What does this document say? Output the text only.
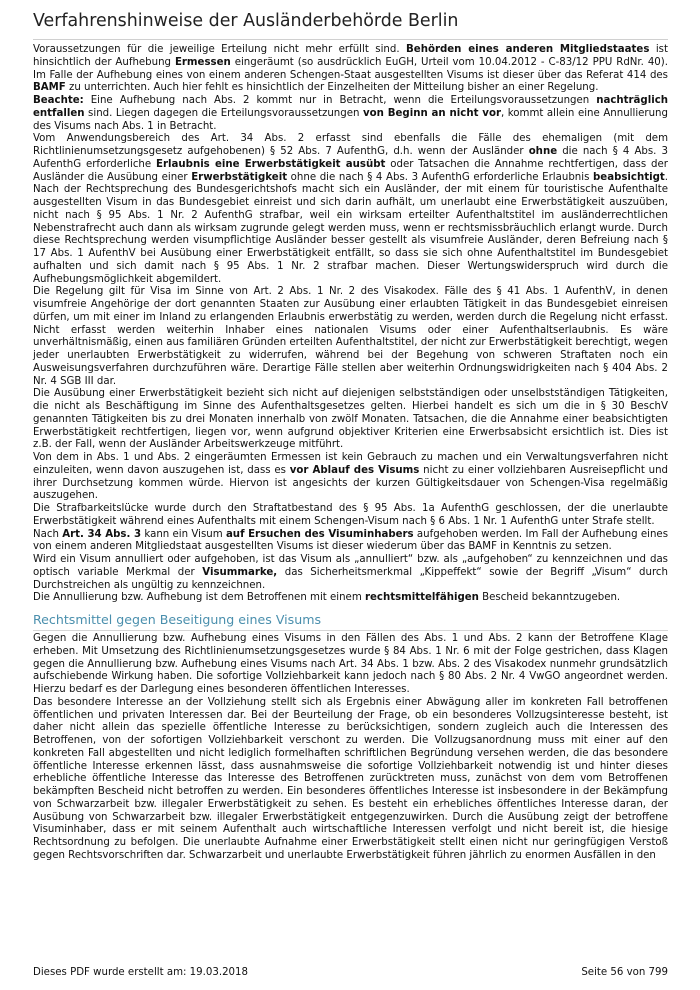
Verfahrenshinweise der Ausländerbehörde Berlin

Voraussetzungen für die jeweilige Erteilung nicht mehr erfüllt sind. Behörden eines anderen Mitgliedstaates ist hinsichtlich der Aufhebung Ermessen eingeräumt (so ausdrücklich EuGH, Urteil vom 10.04.2012 - C-83/12 PPU RdNr. 40). Im Falle der Aufhebung eines von einem anderen Schengen-Staat ausgestellten Visums ist dieser über das Referat 414 des BAMF zu unterrichten. Auch hier fehlt es hinsichtlich der Einzelheiten der Mitteilung bisher an einer Regelung.

Beachte: Eine Aufhebung nach Abs. 2 kommt nur in Betracht, wenn die Erteilungsvoraussetzungen nachträglich entfallen sind. Liegen dagegen die Erteilungsvoraussetzungen von Beginn an nicht vor, kommt allein eine Annullierung des Visums nach Abs. 1 in Betracht.

Vom Anwendungsbereich des Art. 34 Abs. 2 erfasst sind ebenfalls die Fälle des ehemaligen (mit dem Richtlinienumsetzungsgesetz aufgehobenen) § 52 Abs. 7 AufenthG, d.h. wenn der Ausländer ohne die nach § 4 Abs. 3 AufenthG erforderliche Erlaubnis eine Erwerbstätigkeit ausübt oder Tatsachen die Annahme rechtfertigen, dass der Ausländer die Ausübung einer Erwerbstätigkeit ohne die nach § 4 Abs. 3 AufenthG erforderliche Erlaubnis beabsichtigt. Nach der Rechtsprechung des Bundesgerichtshofs macht sich ein Ausländer, der mit einem für touristische Aufenthalte ausgestellten Visum in das Bundesgebiet einreist und sich darin aufhält, um unerlaubt eine Erwerbstätigkeit auszuüben, nicht nach § 95 Abs. 1 Nr. 2 AufenthG strafbar, weil ein wirksam erteilter Aufenthaltstitel im ausländerrechtlichen Nebenstrafrecht auch dann als wirksam zugrunde gelegt werden muss, wenn er rechtsmissbräuchlich erlangt wurde. Durch diese Rechtsprechung werden visumpflichtige Ausländer besser gestellt als visumfreie Ausländer, deren Befreiung nach § 17 Abs. 1 AufenthV bei Ausübung einer Erwerbstätigkeit entfällt, so dass sie sich ohne Aufenthaltstitel im Bundesgebiet aufhalten und sich damit nach § 95 Abs. 1 Nr. 2 strafbar machen. Dieser Wertungswiderspruch wird durch die Aufhebungsmöglichkeit abgemildert.

Die Regelung gilt für Visa im Sinne von Art. 2 Abs. 1 Nr. 2 des Visakodex. Fälle des § 41 Abs. 1 AufenthV, in denen visumfreie Angehörige der dort genannten Staaten zur Ausübung einer erlaubten Tätigkeit in das Bundesgebiet einreisen dürfen, um mit einer im Inland zu erlangenden Erlaubnis erwerbstätig zu werden, werden durch die Regelung nicht erfasst. Nicht erfasst werden weiterhin Inhaber eines nationalen Visums oder einer Aufenthaltserlaubnis. Es wäre unverhältnismäßig, einen aus familiären Gründen erteilten Aufenthaltstitel, der nicht zur Erwerbstätigkeit berechtigt, wegen jeder unerlaubten Erwerbstätigkeit zu widerrufen, während bei der Begehung von schweren Straftaten noch ein Ausweisungsverfahren durchzuführen wäre. Derartige Fälle stellen aber weiterhin Ordnungswidrigkeiten nach § 404 Abs. 2 Nr. 4 SGB III dar.

Die Ausübung einer Erwerbstätigkeit bezieht sich nicht auf diejenigen selbstständigen oder unselbstständigen Tätigkeiten, die nicht als Beschäftigung im Sinne des Aufenthaltsgesetzes gelten. Hierbei handelt es sich um die in § 30 BeschV genannten Tätigkeiten bis zu drei Monaten innerhalb von zwölf Monaten. Tatsachen, die die Annahme einer beabsichtigten Erwerbstätigkeit rechtfertigen, liegen vor, wenn aufgrund objektiver Kriterien eine Erwerbsabsicht ersichtlich ist. Dies ist z.B. der Fall, wenn der Ausländer Arbeitswerkzeuge mitführt.

Von dem in Abs. 1 und Abs. 2 eingeräumten Ermessen ist kein Gebrauch zu machen und ein Verwaltungsverfahren nicht einzuleiten, wenn davon auszugehen ist, dass es vor Ablauf des Visums nicht zu einer vollziehbaren Ausreisepflicht und ihrer Durchsetzung kommen würde. Hiervon ist angesichts der kurzen Gültigkeitsdauer von Schengen-Visa regelmäßig auszugehen.

Die Strafbarkeitslücke wurde durch den Straftatbestand des § 95 Abs. 1a AufenthG geschlossen, der die unerlaubte Erwerbstätigkeit während eines Aufenthalts mit einem Schengen-Visum nach § 6 Abs. 1 Nr. 1 AufenthG unter Strafe stellt.

Nach Art. 34 Abs. 3 kann ein Visum auf Ersuchen des Visuminhabers aufgehoben werden. Im Fall der Aufhebung eines von einem anderen Mitgliedstaat ausgestellten Visums ist dieser wiederum über das BAMF in Kenntnis zu setzen.

Wird ein Visum annulliert oder aufgehoben, ist das Visum als „annulliert“ bzw. als „aufgehoben“ zu kennzeichnen und das optisch variable Merkmal der Visummarke, das Sicherheitsmerkmal „Kippeffekt“ sowie der Begriff „Visum“ durch Durchstreichen als ungültig zu kennzeichnen.

Die Annullierung bzw. Aufhebung ist dem Betroffenen mit einem rechtsmittelfähigen Bescheid bekanntzugeben.

Rechtsmittel gegen Beseitigung eines Visums

Gegen die Annullierung bzw. Aufhebung eines Visums in den Fällen des Abs. 1 und Abs. 2 kann der Betroffene Klage erheben. Mit Umsetzung des Richtlinienumsetzungsgesetzes wurde § 84 Abs. 1 Nr. 6 mit der Folge gestrichen, dass Klagen gegen die Annullierung bzw. Aufhebung eines Visums nach Art. 34 Abs. 1 bzw. Abs. 2 des Visakodex nunmehr grundsätzlich aufschiebende Wirkung haben. Die sofortige Vollziehbarkeit kann jedoch nach § 80 Abs. 2 Nr. 4 VwGO angeordnet werden. Hierzu bedarf es der Darlegung eines besonderen öffentlichen Interesses.

Das besondere Interesse an der Vollziehung stellt sich als Ergebnis einer Abwägung aller im konkreten Fall betroffenen öffentlichen und privaten Interessen dar. Bei der Beurteilung der Frage, ob ein besonderes Vollzugsinteresse besteht, ist daher nicht allein das spezielle öffentliche Interesse zu berücksichtigen, sondern zugleich auch die Interessen des Betroffenen, von der sofortigen Vollziehbarkeit verschont zu werden. Die Vollzugsanordnung muss mit einer auf den konkreten Fall abgestellten und nicht lediglich formelhaften schriftlichen Begründung versehen werden, die das besondere öffentliche Interesse erkennen lässt, dass ausnahmsweise die sofortige Vollziehbarkeit notwendig ist und hinter dieses erhebliche öffentliche Interesse das Interesse des Betroffenen zurücktreten muss, zunächst von dem vom Betroffenen bekämpften Bescheid nicht betroffen zu werden. Ein besonderes öffentliches Interesse ist insbesondere in der Bekämpfung von Schwarzarbeit bzw. illegaler Erwerbstätigkeit zu sehen. Es besteht ein erhebliches öffentliches Interesse daran, der Ausübung von Schwarzarbeit bzw. illegaler Erwerbstätigkeit entgegenzuwirken. Durch die Ausübung zeigt der betroffene Visuminhaber, dass er mit seinem Aufenthalt auch wirtschaftliche Interessen verfolgt und nicht bereit ist, die hiesige Rechtsordnung zu befolgen. Die unerlaubte Aufnahme einer Erwerbstätigkeit stellt einen nicht nur geringfügigen Verstoß gegen Rechtsvorschriften dar. Schwarzarbeit und unerlaubte Erwerbstätigkeit führen jährlich zu enormen Ausfällen in den

Dieses PDF wurde erstellt am: 19.03.2018	Seite 56 von 799
